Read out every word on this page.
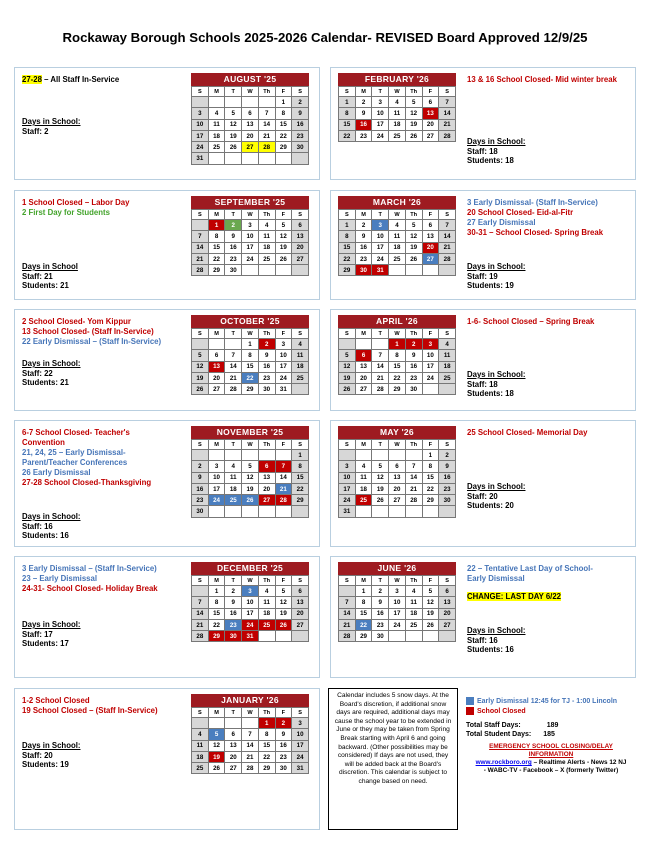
Rockaway Borough Schools 2025-2026 Calendar- REVISED Board Approved 12/9/25
AUGUST '25
S	M	T	W	Th	F	S
					1	2
3	4	5	6	7	8	9
10	11	12	13	14	15	16
17	18	19	20	21	22	23
24	25	26	27	28	29	30
31						
27-28 – All Staff In-Service
Days in School:
Staff: 2
FEBRUARY '26
S	M	T	W	Th	F	S
1	2	3	4	5	6	7
8	9	10	11	12	13	14
15	16	17	18	19	20	21
22	23	24	25	26	27	28
13 & 16 School Closed- Mid winter break
Days in School:
Staff: 18
Students: 18
SEPTEMBER '25
S	M	T	W	Th	F	S
	1	2	3	4	5	6
7	8	9	10	11	12	13
14	15	16	17	18	19	20
21	22	23	24	25	26	27
28	29	30				
1 School Closed – Labor Day
2 First Day for Students
Days in School
Staff: 21
Students: 21
MARCH '26
S	M	T	W	Th	F	S
1	2	3	4	5	6	7
8	9	10	11	12	13	14
15	16	17	18	19	20	21
22	23	24	25	26	27	28
29	30	31				
3 Early Dismissal- (Staff In-Service)
20 School Closed- Eid-al-Fitr
27 Early Dismissal
30-31 – School Closed- Spring Break
Days in School:
Staff: 19
Students: 19
OCTOBER '25
S	M	T	W	Th	F	S
			1	2	3	4
5	6	7	8	9	10	11
12	13	14	15	16	17	18
19	20	21	22	23	24	25
26	27	28	29	30	31	
2 School Closed- Yom Kippur
13 School Closed- (Staff In-Service)
22 Early Dismissal – (Staff In-Service)
Days in School:
Staff: 22
Students: 21
APRIL '26
S	M	T	W	Th	F	S
			1	2	3	4
5	6	7	8	9	10	11
12	13	14	15	16	17	18
19	20	21	22	23	24	25
26	27	28	29	30		
1-6- School Closed – Spring Break
Days in School:
Staff: 18
Students: 18
NOVEMBER '25
S	M	T	W	Th	F	S
						1
2	3	4	5	6	7	8
9	10	11	12	13	14	15
16	17	18	19	20	21	22
23	24	25	26	27	28	29
30						
6-7 School Closed- Teacher's
Convention
21, 24, 25 – Early Dismissal-
Parent/Teacher Conferences
26 Early Dismissal
27-28 School Closed-Thanksgiving
Days in School:
Staff: 16
Students: 16
MAY '26
S	M	T	W	Th	F	S
					1	2
3	4	5	6	7	8	9
10	11	12	13	14	15	16
17	18	19	20	21	22	23
24	25	26	27	28	29	30
31						
25 School Closed- Memorial Day
Days in School:
Staff: 20
Students: 20
DECEMBER '25
S	M	T	W	Th	F	S
	1	2	3	4	5	6
7	8	9	10	11	12	13
14	15	16	17	18	19	20
21	22	23	24	25	26	27
28	29	30	31			
3 Early Dismissal – (Staff In-Service)
23 – Early Dismissal
24-31- School Closed- Holiday Break
Days in School:
Staff: 17
Students: 17
JUNE '26
S	M	T	W	Th	F	S
	1	2	3	4	5	6
7	8	9	10	11	12	13
14	15	16	17	18	19	20
21	22	23	24	25	26	27
28	29	30				
22 – Tentative Last Day of School-
Early Dismissal
CHANGE: LAST DAY 6/22
Days in School:
Staff: 16
Students: 16
JANUARY '26
S	M	T	W	Th	F	S
				1	2	3
4	5	6	7	8	9	10
11	12	13	14	15	16	17
18	19	20	21	22	23	24
25	26	27	28	29	30	31
1-2 School Closed
19 School Closed – (Staff In-Service)
Days in School:
Staff: 20
Students: 19
Calendar includes 5 snow days. At the Board's discretion, if additional snow days are required, additional days may cause the school year to be extended in June or they may be taken from Spring Break starting with April 6 and going backward. (Other possibilities may be considered) If days are not used, they will be added back at the Board's discretion. This calendar is subject to change based on need.
Early Dismissal 12:45 for TJ - 1:00 Lincoln
School Closed
Total Staff Days:	189
Total Student Days: 185
EMERGENCY SCHOOL CLOSING/DELAY INFORMATION
www.rockboro.org – Realtime Alerts - News 12 NJ
- WABC-TV - Facebook – X (formerly Twitter)
